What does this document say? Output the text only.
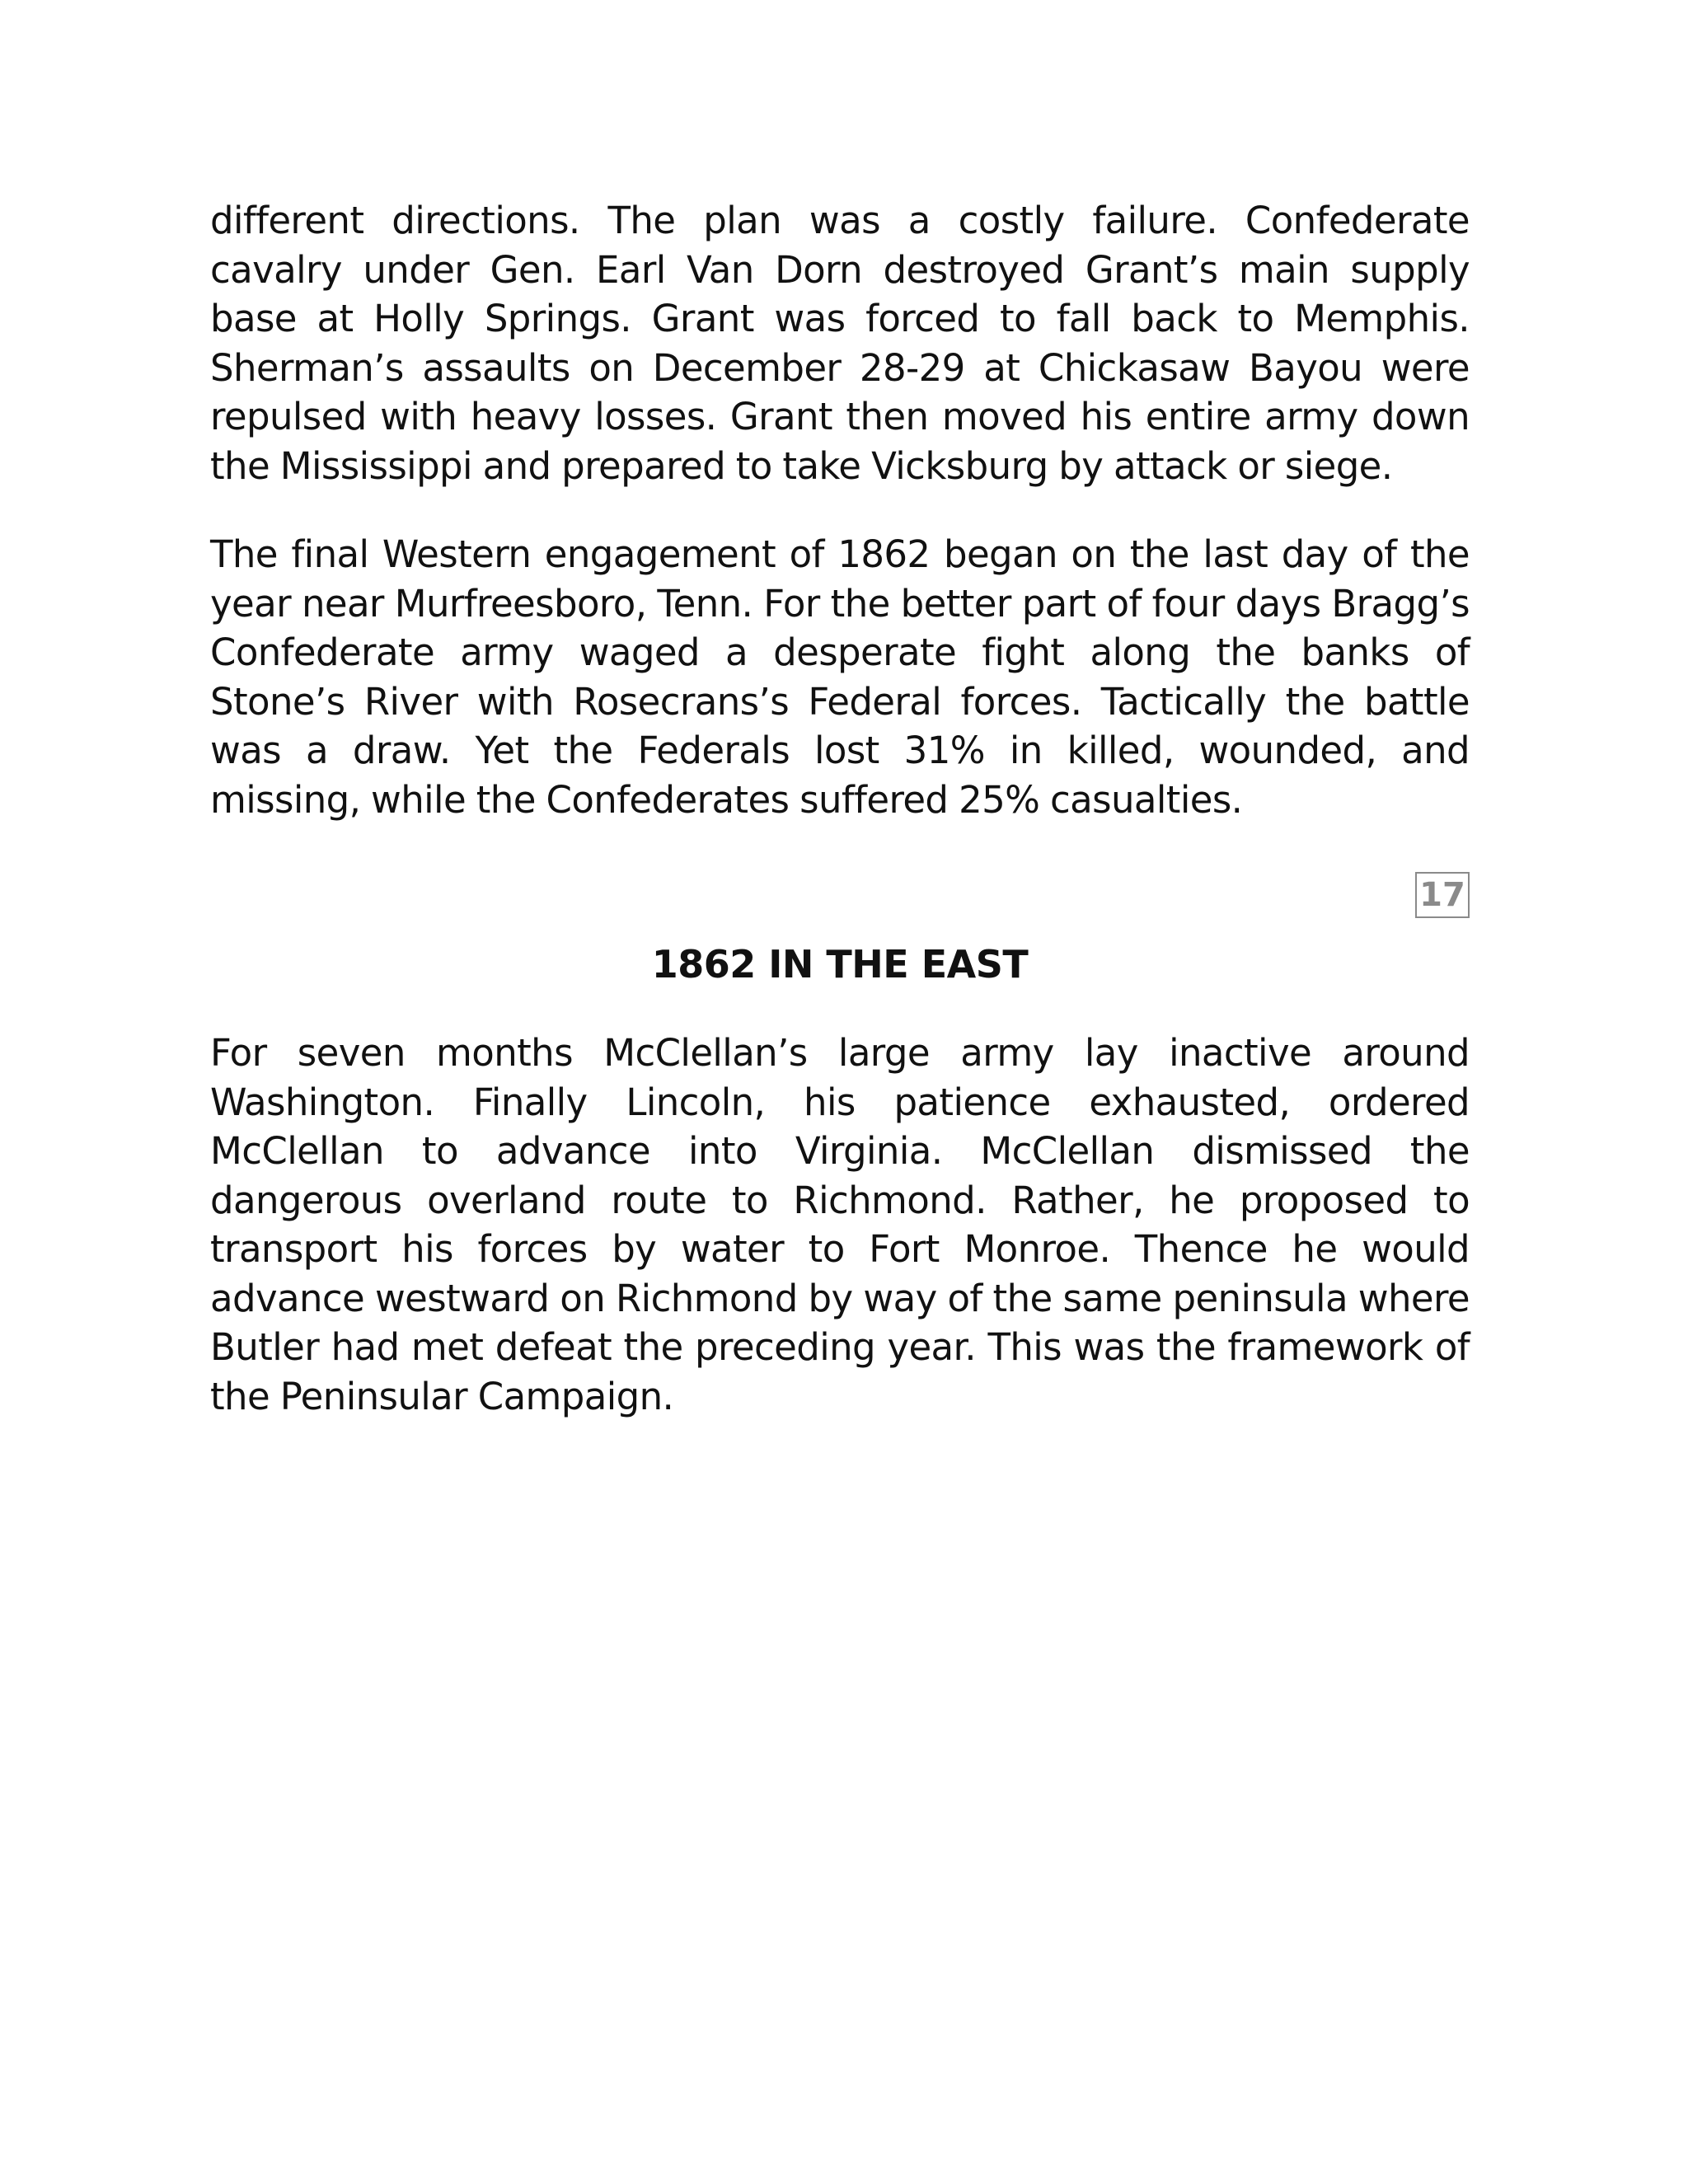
different directions. The plan was a costly failure. Confederate cavalry under Gen. Earl Van Dorn destroyed Grant’s main supply base at Holly Springs. Grant was forced to fall back to Memphis. Sherman’s assaults on December 28-29 at Chickasaw Bayou were repulsed with heavy losses. Grant then moved his entire army down the Mississippi and prepared to take Vicksburg by attack or siege.

The final Western engagement of 1862 began on the last day of the year near Murfreesboro, Tenn. For the better part of four days Bragg’s Confederate army waged a desperate fight along the banks of Stone’s River with Rosecrans’s Federal forces. Tactically the battle was a draw. Yet the Federals lost 31% in killed, wounded, and missing, while the Confederates suffered 25% casualties.

17
1862 IN THE EAST

For seven months McClellan’s large army lay inactive around Washington. Finally Lincoln, his patience exhausted, ordered McClellan to advance into Virginia. McClellan dismissed the dangerous overland route to Richmond. Rather, he proposed to transport his forces by water to Fort Monroe. Thence he would advance westward on Richmond by way of the same peninsula where Butler had met defeat the preceding year. This was the framework of the Peninsular Campaign.
